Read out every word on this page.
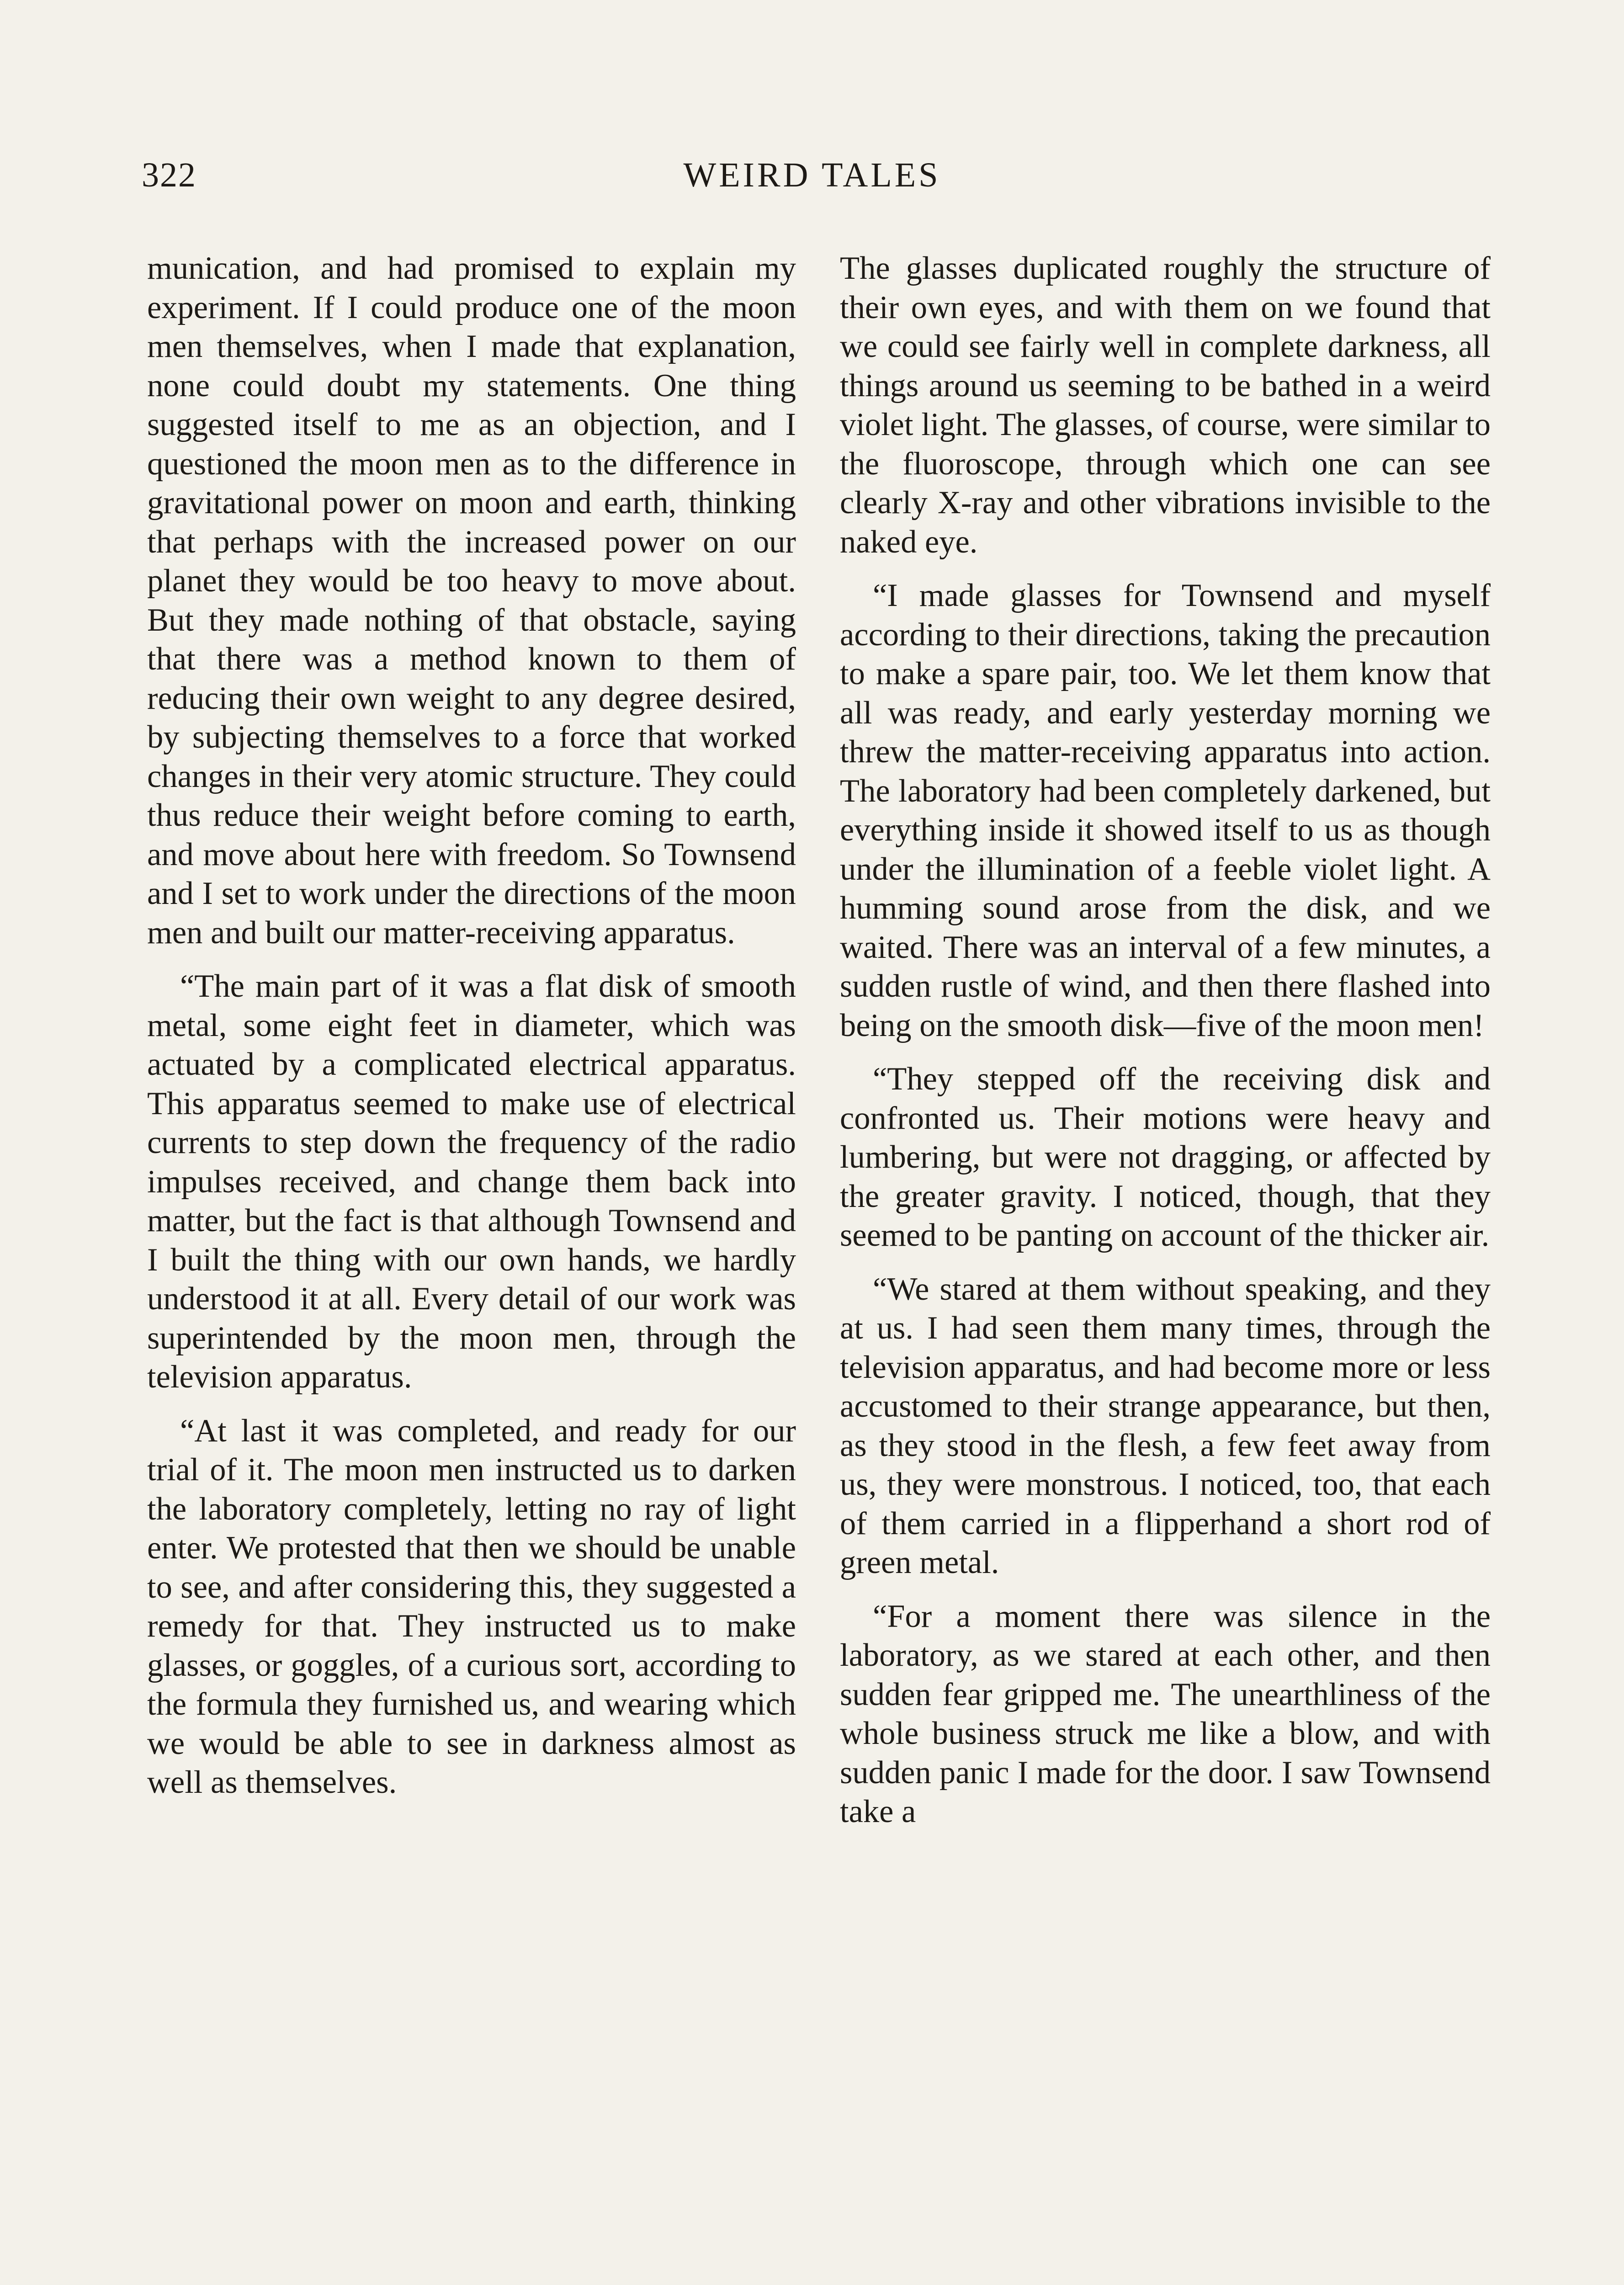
322	WEIRD TALES

munication, and had promised to explain my experiment. If I could produce one of the moon men themselves, when I made that explanation, none could doubt my statements. One thing suggested itself to me as an objection, and I questioned the moon men as to the difference in gravitational power on moon and earth, thinking that perhaps with the increased power on our planet they would be too heavy to move about. But they made nothing of that obstacle, saying that there was a method known to them of reducing their own weight to any degree desired, by subjecting themselves to a force that worked changes in their very atomic structure. They could thus reduce their weight before coming to earth, and move about here with freedom. So Townsend and I set to work under the directions of the moon men and built our matter-receiving apparatus.

“The main part of it was a flat disk of smooth metal, some eight feet in diameter, which was actuated by a complicated electrical apparatus. This apparatus seemed to make use of electrical currents to step down the frequency of the radio impulses received, and change them back into matter, but the fact is that although Townsend and I built the thing with our own hands, we hardly understood it at all. Every detail of our work was superintended by the moon men, through the television apparatus.

“At last it was completed, and ready for our trial of it. The moon men instructed us to darken the laboratory completely, letting no ray of light enter. We protested that then we should be unable to see, and after considering this, they suggested a remedy for that. They instructed us to make glasses, or goggles, of a curious sort, according to the formula they furnished us, and wearing which we would be able to see in darkness almost as well as themselves.

The glasses duplicated roughly the structure of their own eyes, and with them on we found that we could see fairly well in complete darkness, all things around us seeming to be bathed in a weird violet light. The glasses, of course, were similar to the fluoroscope, through which one can see clearly X-ray and other vibrations invisible to the naked eye.

“I made glasses for Townsend and myself according to their directions, taking the precaution to make a spare pair, too. We let them know that all was ready, and early yesterday morning we threw the matter-receiving apparatus into action. The laboratory had been completely darkened, but everything inside it showed itself to us as though under the illumination of a feeble violet light. A humming sound arose from the disk, and we waited. There was an interval of a few minutes, a sudden rustle of wind, and then there flashed into being on the smooth disk—five of the moon men!

“They stepped off the receiving disk and confronted us. Their motions were heavy and lumbering, but were not dragging, or affected by the greater gravity. I noticed, though, that they seemed to be panting on account of the thicker air.

“We stared at them without speaking, and they at us. I had seen them many times, through the television apparatus, and had become more or less accustomed to their strange appearance, but then, as they stood in the flesh, a few feet away from us, they were monstrous. I noticed, too, that each of them carried in a flipperhand a short rod of green metal.

“For a moment there was silence in the laboratory, as we stared at each other, and then sudden fear gripped me. The unearthliness of the whole business struck me like a blow, and with sudden panic I made for the door. I saw Townsend take a
